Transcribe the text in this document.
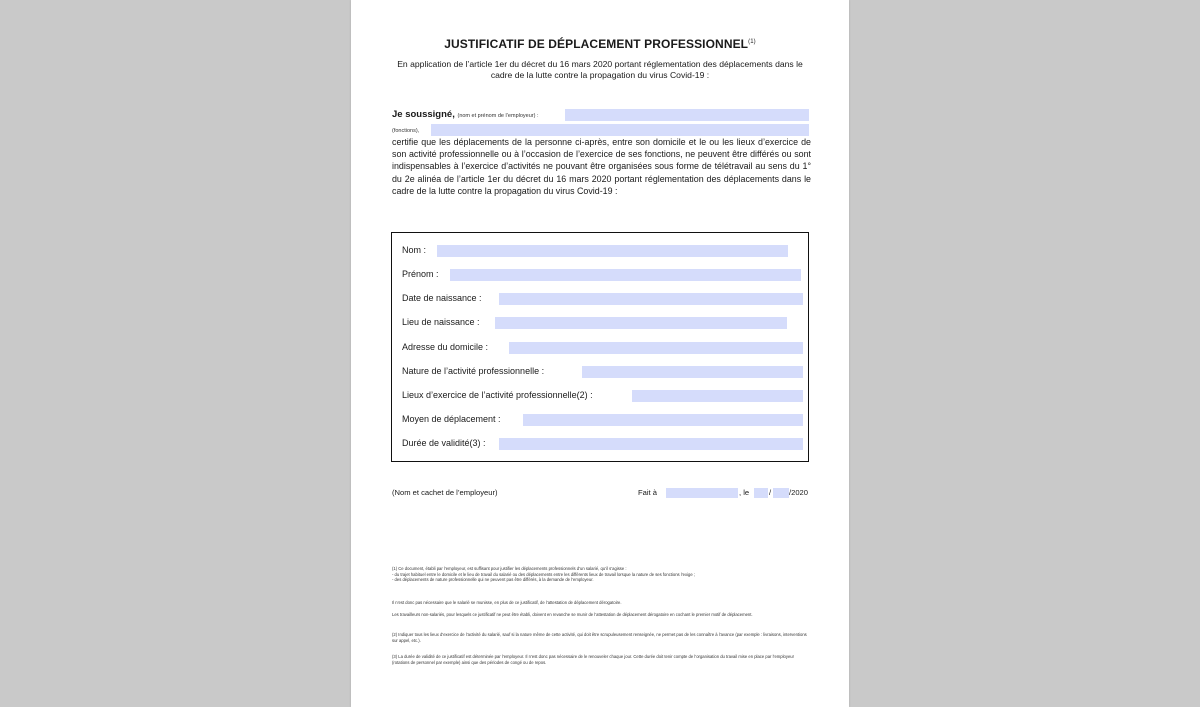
JUSTIFICATIF DE DÉPLACEMENT PROFESSIONNEL$^{(1)}$
En application de l’article 1er du décret du 16 mars 2020 portant réglementation des déplacements dans le cadre de la lutte contre la propagation du virus Covid-19 :
Je soussigné, (nom et prénom de l’employeur) :
(fonctions),
certifie que les déplacements de la personne ci-après, entre son domicile et le ou les lieux d’exercice de son activité professionnelle ou à l’occasion de l’exercice de ses fonctions, ne peuvent être différés ou sont indispensables à l’exercice d’activités ne pouvant être organisées sous forme de télétravail au sens du 1° du 2e alinéa de l’article 1er du décret du 16 mars 2020 portant réglementation des déplacements dans le cadre de la lutte contre la propagation du virus Covid-19 :
Nom :
Prénom :
Date de naissance :
Lieu de naissance :
Adresse du domicile :
Nature de l’activité professionnelle :
Lieux d’exercice de l’activité professionnelle(2) :
Moyen de déplacement :
Durée de validité(3) :
(Nom et cachet de l’employeur)	Fait à	, le	/ /2020

(1) Ce document, établi par l’employeur, est suffisant pour justifier les déplacements professionnels d’un salarié, qu’il s’agisse :

- du trajet habituel entre le domicile et le lieu de travail du salarié ou des déplacements entre les différents lieux de travail lorsque la nature de ses fonctions l’exige ;

- des déplacements de nature professionnelle qui ne peuvent pas être différés, à la demande de l’employeur.

Il n’est donc pas nécessaire que le salarié se munisse, en plus de ce justificatif, de l’attestation de déplacement dérogatoire.
Les travailleurs non-salariés, pour lesquels ce justificatif ne peut être établi, doivent en revanche se munir de l’attestation de déplacement dérogatoire en cochant le premier motif de déplacement.
(2) Indiquer tous les lieux d’exercice de l’activité du salarié, sauf si la nature même de cette activité, qui doit être scrupuleusement renseignée, ne permet pas de les connaître à l’avance (par exemple : livraisons, interventions sur appel, etc.).
(3) La durée de validité de ce justificatif est déterminée par l’employeur. Il n’est donc pas nécessaire de le renouveler chaque jour. Cette durée doit tenir compte de l’organisation du travail mise en place par l’employeur (rotations de personnel par exemple) ainsi que des périodes de congé ou de repos.
